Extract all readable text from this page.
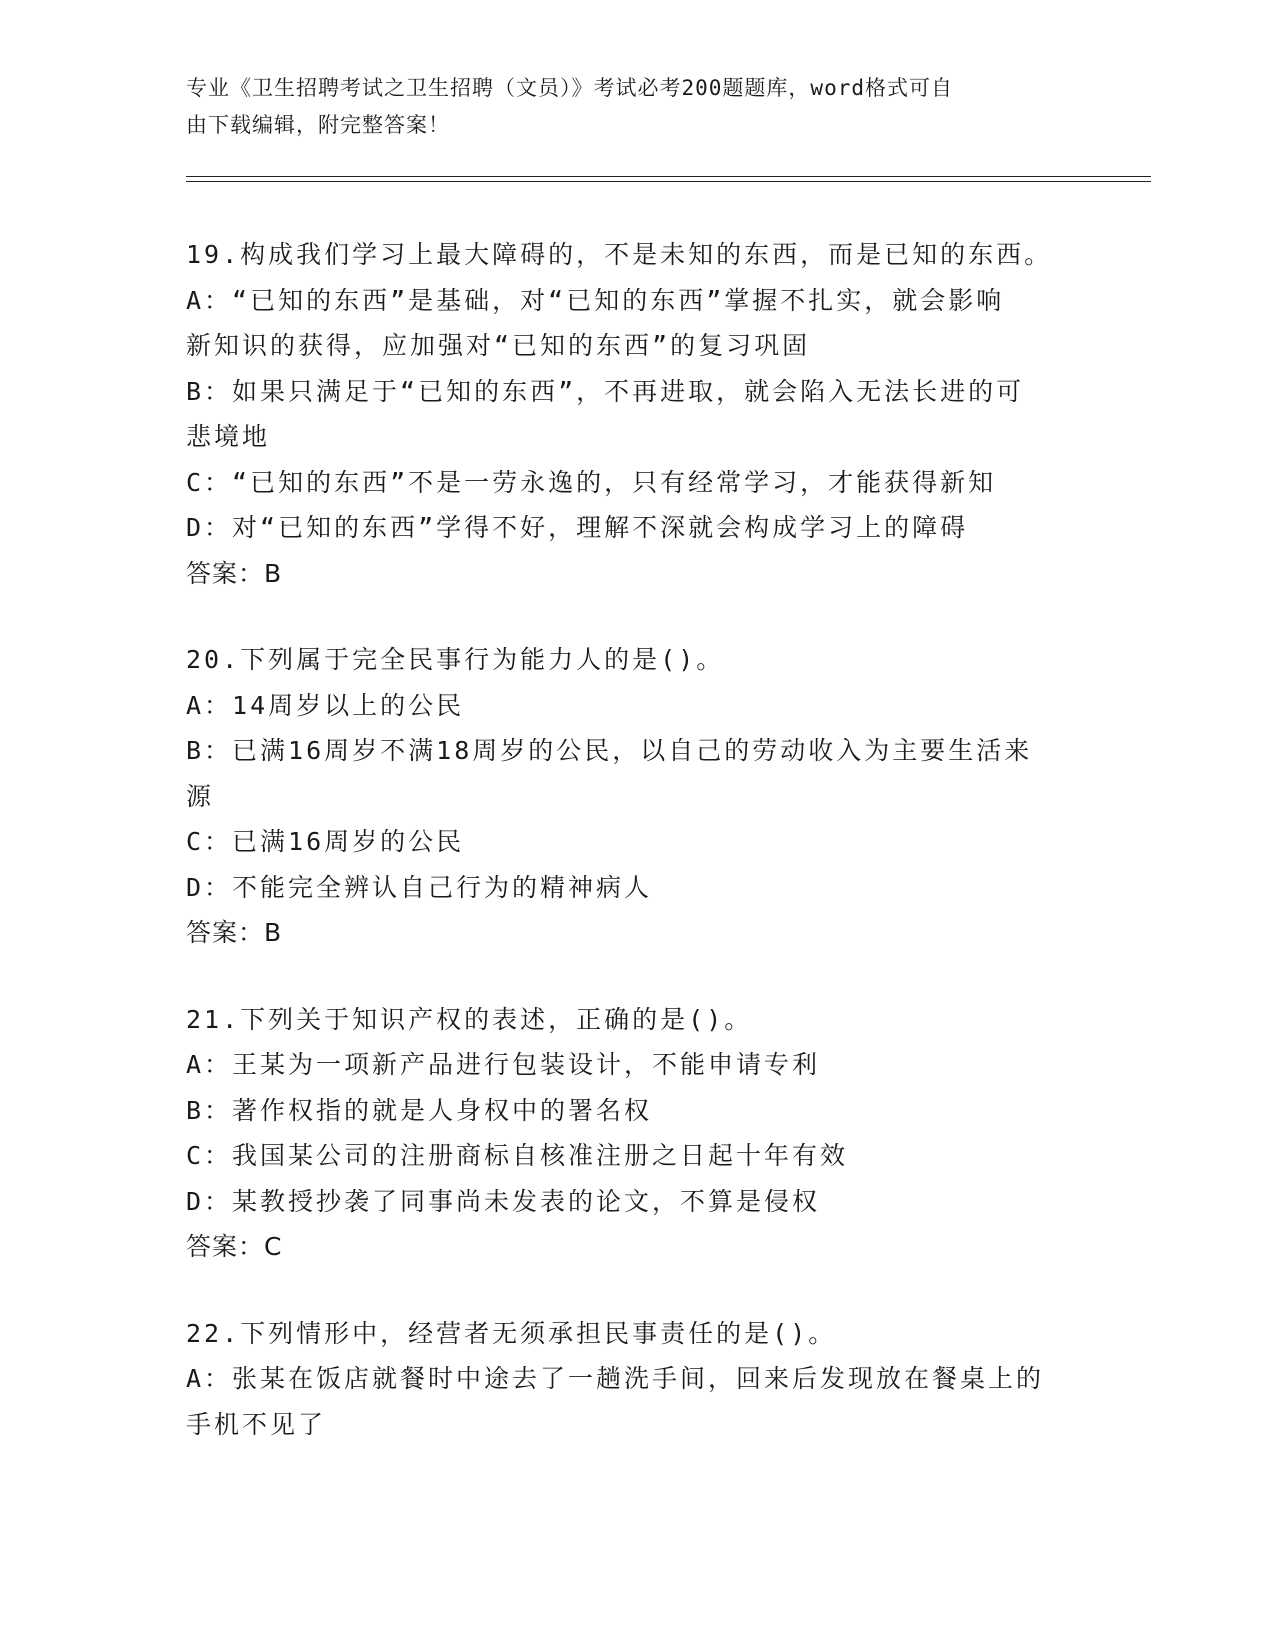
专业《卫生招聘考试之卫生招聘（文员）》考试必考200题题库，word格式可自
由下载编辑，附完整答案！
19.构成我们学习上最大障碍的，不是未知的东西，而是已知的东西。
A：“已知的东西”是基础，对“已知的东西”掌握不扎实，就会影响
新知识的获得，应加强对“已知的东西”的复习巩固
B：如果只满足于“已知的东西”，不再进取，就会陷入无法长进的可
悲境地
C：“已知的东西”不是一劳永逸的，只有经常学习，才能获得新知
D：对“已知的东西”学得不好，理解不深就会构成学习上的障碍
答案：B
20.下列属于完全民事行为能力人的是()。
A：14周岁以上的公民
B：已满16周岁不满18周岁的公民，以自己的劳动收入为主要生活来
源
C：已满16周岁的公民
D：不能完全辨认自己行为的精神病人
答案：B
21.下列关于知识产权的表述，正确的是()。
A：王某为一项新产品进行包装设计，不能申请专利
B：著作权指的就是人身权中的署名权
C：我国某公司的注册商标自核准注册之日起十年有效
D：某教授抄袭了同事尚未发表的论文，不算是侵权
答案：C
22.下列情形中，经营者无须承担民事责任的是()。
A：张某在饭店就餐时中途去了一趟洗手间，回来后发现放在餐桌上的
手机不见了
